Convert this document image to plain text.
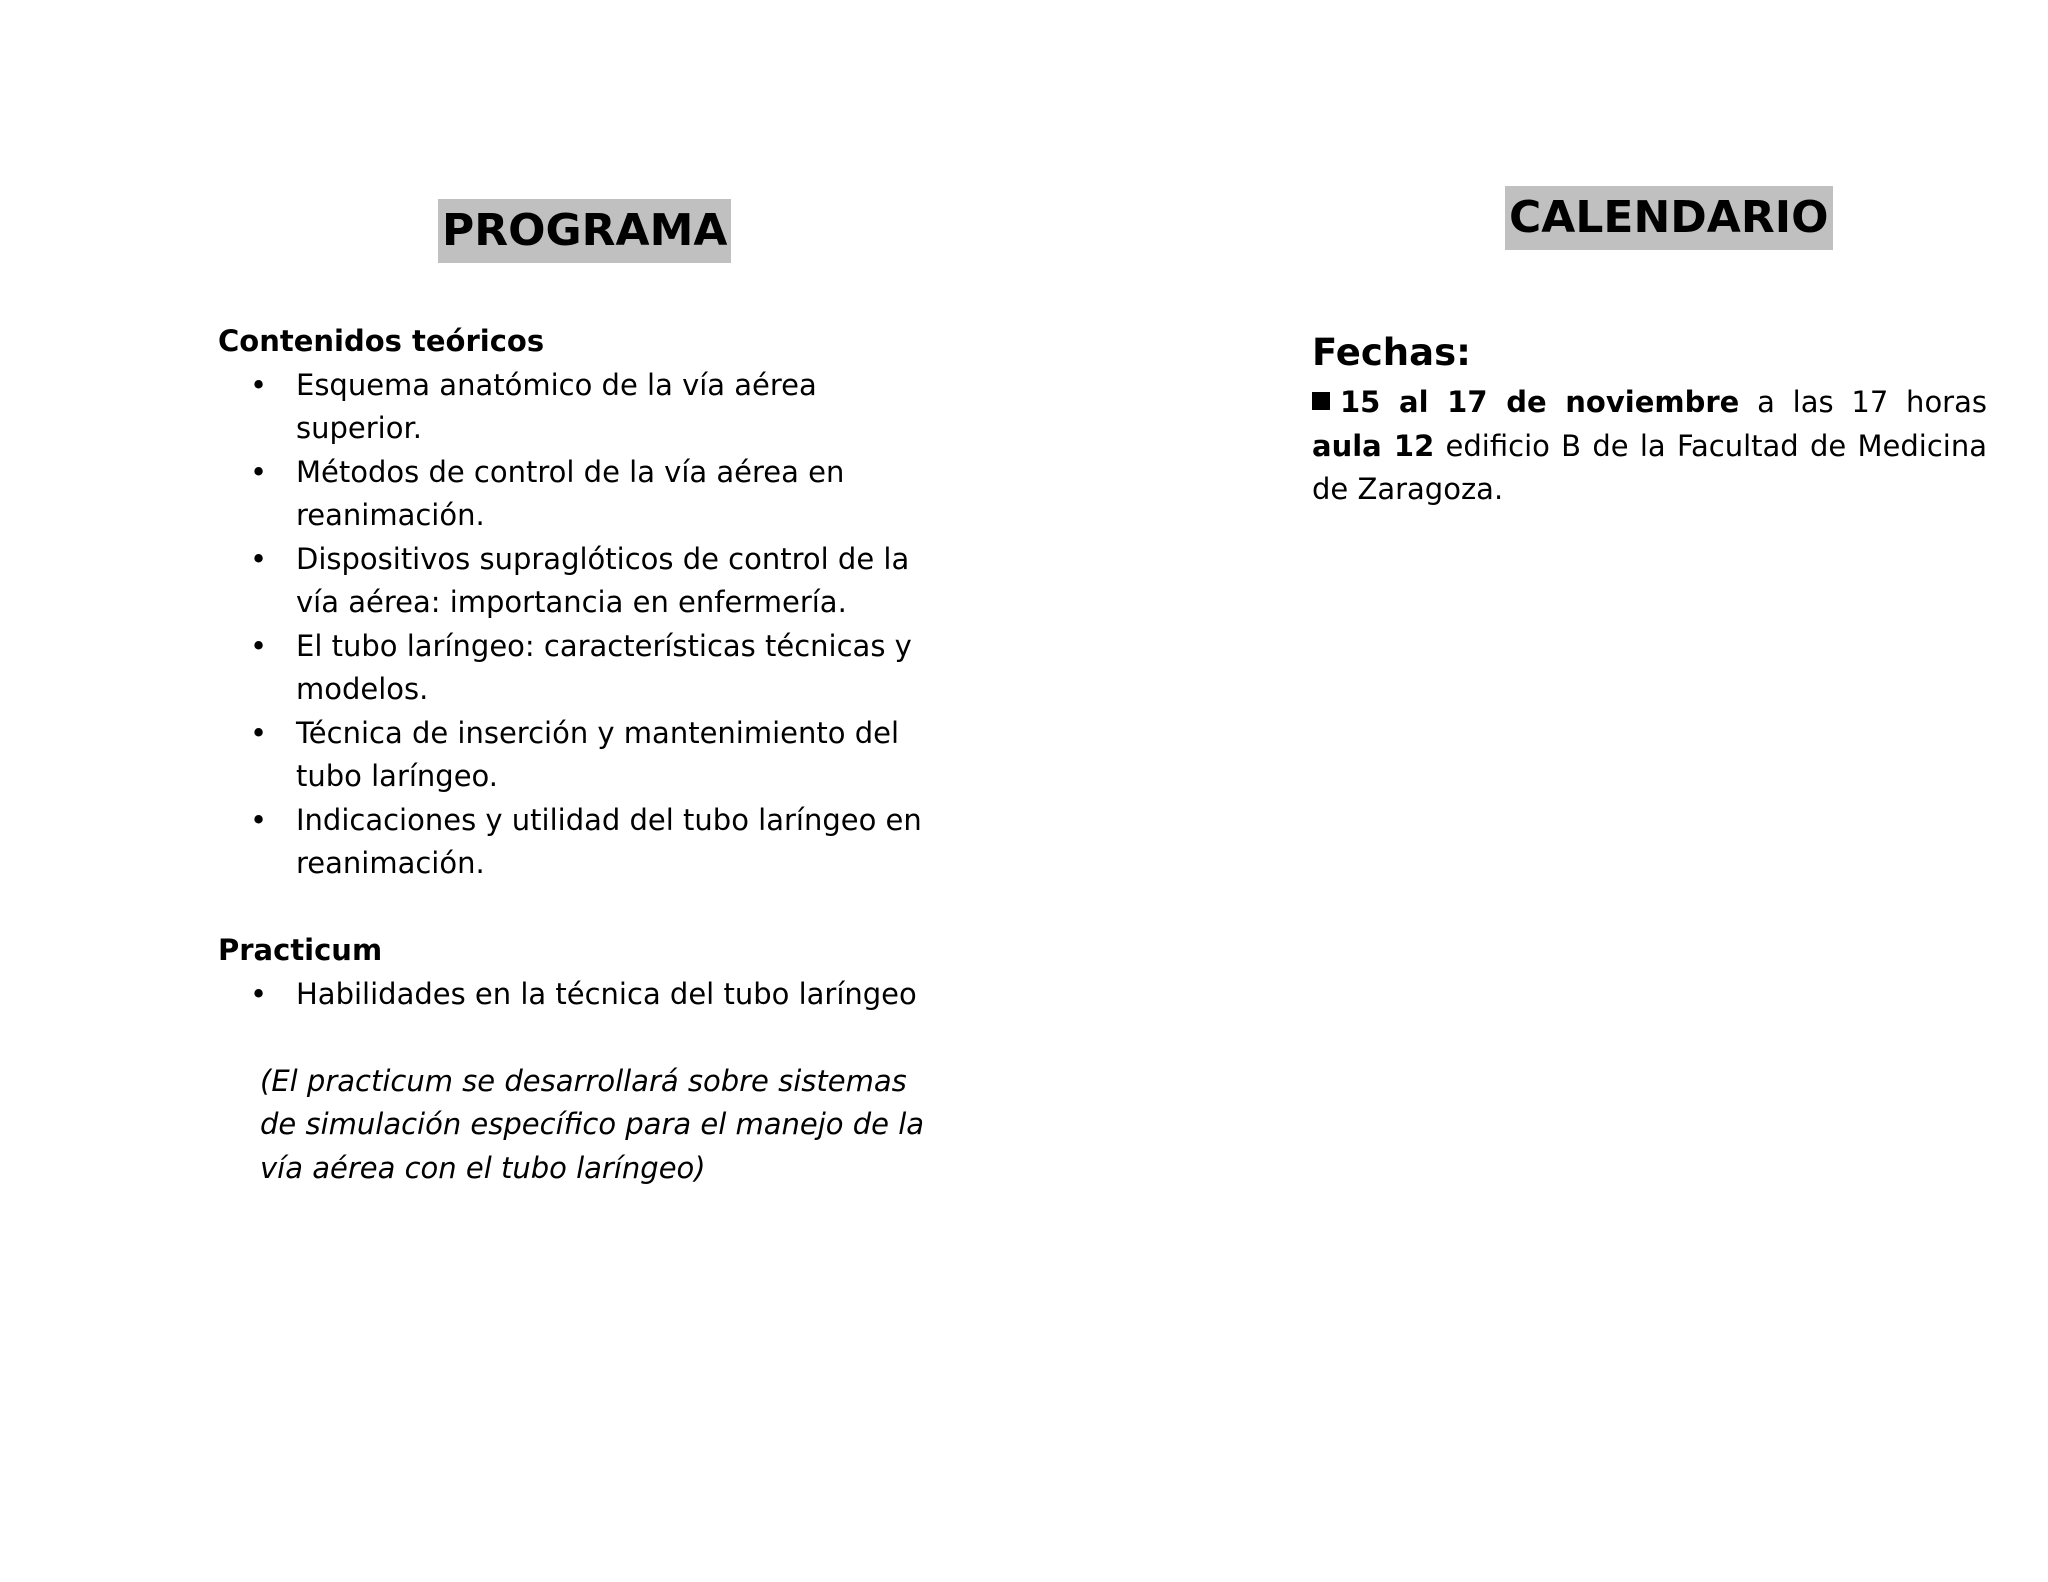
PROGRAMA

Contenidos teóricos

• Esquema anatómico de la vía aérea superior.
• Métodos de control de la vía aérea en reanimación.
• Dispositivos supraglóticos de control de la vía aérea: importancia en enfermería.
• El tubo laríngeo: características técnicas y modelos.
• Técnica de inserción y mantenimiento del tubo laríngeo.
• Indicaciones y utilidad del tubo laríngeo en reanimación.

Practicum

• Habilidades en la técnica del tubo laríngeo

(El practicum se desarrollará sobre sistemas de simulación específico para el manejo de la vía aérea con el tubo laríngeo)

CALENDARIO

Fechas:

15 al 17 de noviembre a las 17 horas aula 12 edificio B de la Facultad de Medicina de Zaragoza.
